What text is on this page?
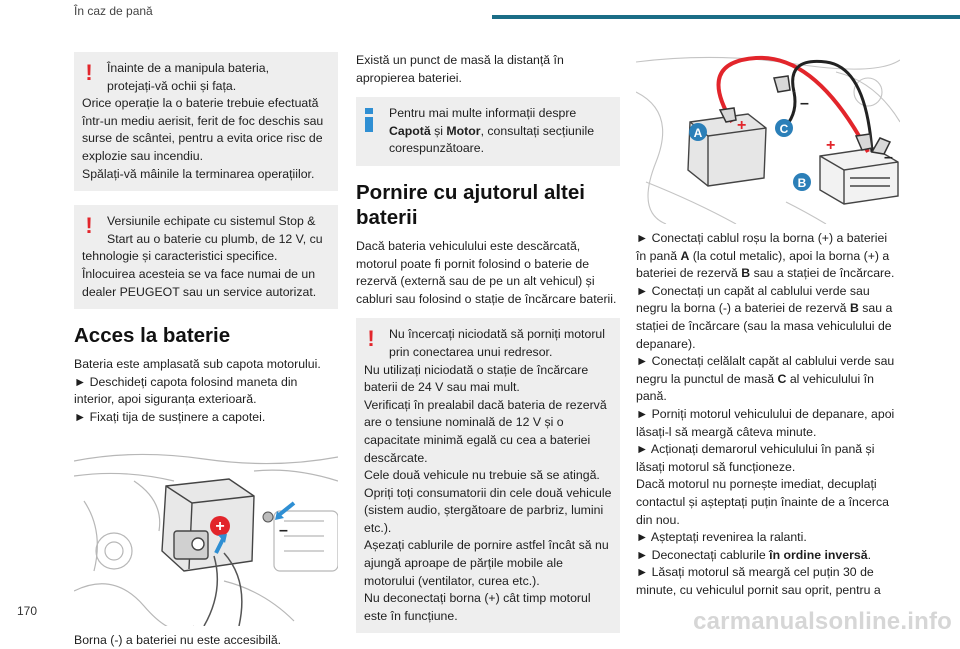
În caz de pană
!	Înainte de a manipula bateria,

protejați-vă ochii și fața.

Orice operație la o baterie trebuie efectuată într-un mediu aerisit, ferit de foc deschis sau surse de scântei, pentru a evita orice risc de explozie sau incendiu.

Spălați-vă mâinile la terminarea operațiilor.

!	Versiunile echipate cu sistemul Stop &

Start au o baterie cu plumb, de 12 V, cu

tehnologie și caracteristici specifice.

Înlocuirea acesteia se va face numai de un dealer PEUGEOT sau un service autorizat.

Acces la baterie

Bateria este amplasată sub capota motorului.

► Deschideți capota folosind maneta din interior, apoi siguranța exterioară.

► Fixați tija de susținere a capotei.

+	–

Borna (-) a bateriei nu este accesibilă.

Există un punct de masă la distanță în apropierea bateriei.

Pentru mai multe informații despre

Capotă și Motor, consultați secțiunile corespunzătoare.

Pornire cu ajutorul altei baterii

Dacă bateria vehiculului este descărcată, motorul poate fi pornit folosind o baterie de rezervă (externă sau de pe un alt vehicul) și cabluri sau folosind o stație de încărcare baterii.

!	Nu încercați niciodată să porniți motorul

prin conectarea unui redresor.

Nu utilizați niciodată o stație de încărcare baterii de 24 V sau mai mult.

Verificați în prealabil dacă bateria de rezervă are o tensiune nominală de 12 V și o capacitate minimă egală cu cea a bateriei descărcate.

Cele două vehicule nu trebuie să se atingă.

Opriți toți consumatorii din cele două vehicule (sistem audio, ștergătoare de parbriz, lumini etc.).

Așezați cablurile de pornire astfel încât să nu ajungă aproape de părțile mobile ale motorului (ventilator, curea etc.).

Nu deconectați borna (+) cât timp motorul este în funcțiune.

+
+
–
–
A	C
B

► Conectați cablul roșu la borna (+) a bateriei în pană A (la cotul metalic), apoi la borna (+) a bateriei de rezervă B sau a stației de încărcare.

► Conectați un capăt al cablului verde sau negru la borna (-) a bateriei de rezervă B sau a stației de încărcare (sau la masa vehiculului de depanare).

► Conectați celălalt capăt al cablului verde sau negru la punctul de masă C al vehiculului în pană.

► Porniți motorul vehiculului de depanare, apoi lăsați-l să meargă câteva minute.

► Acționați demarorul vehiculului în pană și lăsați motorul să funcționeze.

Dacă motorul nu pornește imediat, decuplați contactul și așteptați puțin înainte de a încerca din nou.

► Așteptați revenirea la ralanti.

► Deconectați cablurile în ordine inversă.

► Lăsați motorul să meargă cel puțin 30 de minute, cu vehiculul pornit sau oprit, pentru a

170	carmanualsonline.info
